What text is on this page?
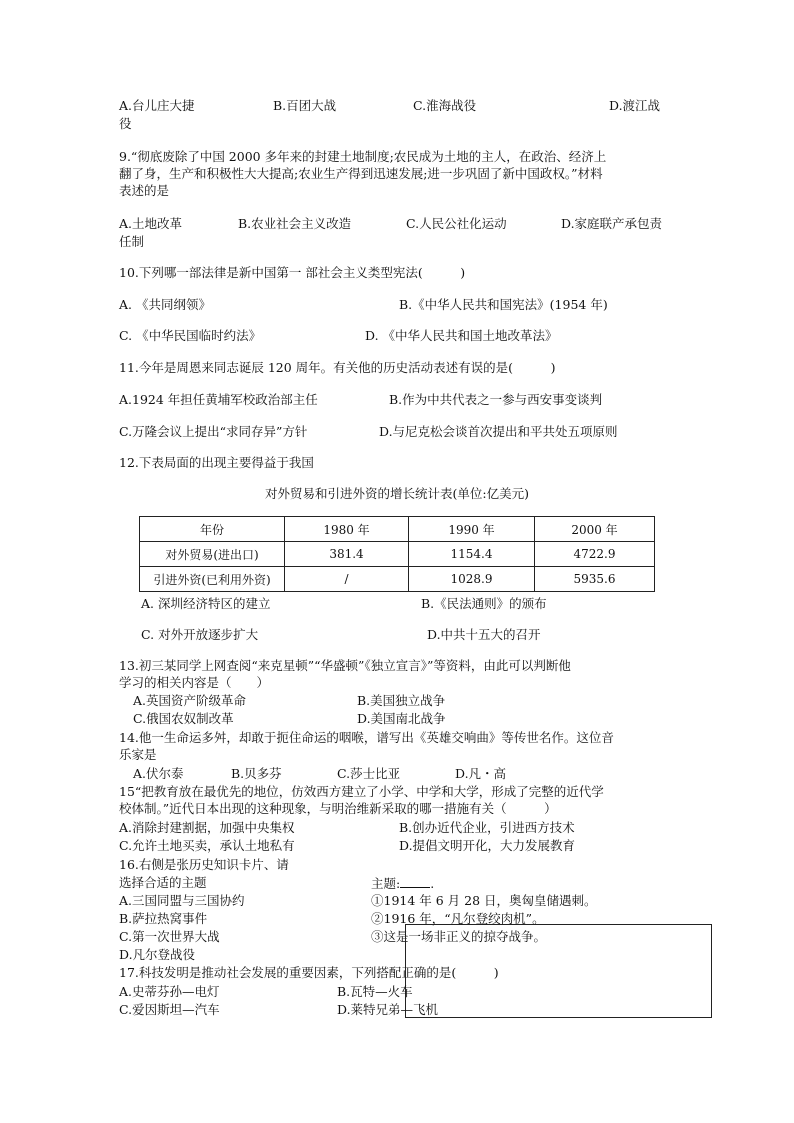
A.台儿庄大捷	B.百团大战	C.淮海战役	D.渡江战
役
9.“彻底废除了中国 2000 多年来的封建土地制度;农民成为土地的主人，在政治、经济上
翻了身，生产和积极性大大提高;农业生产得到迅速发展;进一步巩固了新中国政权。”材料
表述的是
A.土地改革	B.农业社会主义改造	C.人民公社化运动	D.家庭联产承包责
任制
10.下列哪一部法律是新中国第一 部社会主义类型宪法(　　　)
A. 《共同纲领》	B.《中华人民共和国宪法》(1954 年)
C. 《中华民国临时约法》	D. 《中华人民共和国土地改革法》
11.今年是周恩来同志诞辰 120 周年。有关他的历史活动表述有误的是(　　　)
A.1924 年担任黄埔军校政治部主任	B.作为中共代表之一参与西安事变谈判
C.万隆会议上提出“求同存异”方针	D.与尼克松会谈首次提出和平共处五项原则
12.下表局面的出现主要得益于我国
对外贸易和引进外资的增长统计表(单位:亿美元)
年份	1980 年	1990 年	2000 年
对外贸易(进出口)	381.4	1154.4	4722.9
引进外资(已利用外资)	/	1028.9	5935.6
A. 深圳经济特区的建立	B.《民法通则》的颁布
C. 对外开放逐步扩大	D.中共十五大的召开
13.初三某同学上网查阅“来克星顿”“华盛顿”《独立宣言》”等资料，由此可以判断他
学习的相关内容是（　　）
A.英国资产阶级革命	B.美国独立战争
C.俄国农奴制改革	D.美国南北战争
14.他一生命运多舛，却敢于扼住命运的咽喉，谱写出《英雄交响曲》等传世名作。这位音
乐家是
A.伏尔泰	B.贝多芬	C.莎士比亚	D.凡・高
15“把教育放在最优先的地位，仿效西方建立了小学、中学和大学，形成了完整的近代学
校体制。”近代日本出现的这种现象，与明治维新采取的哪一措施有关（　　　）
A.消除封建割据，加强中央集权	B.创办近代企业，引进西方技术
C.允许土地买卖，承认土地私有	D.提倡文明开化，大力发展教育
16.右侧是张历史知识卡片、请
选择合适的主题
A.三国同盟与三国协约
B.萨拉热窝事件
C.第一次世界大战
D.凡尔登战役
主题: .
①1914 年 6 月 28 日，奥匈皇储遇刺。
②1916 年，“凡尔登绞肉机”。
③这是一场非正义的掠夺战争。
17.科技发明是推动社会发展的重要因素，下列搭配正确的是(　　　)
A.史蒂芬孙—电灯	B.瓦特—火车
C.爱因斯坦—汽车	D.莱特兄弟—飞机
